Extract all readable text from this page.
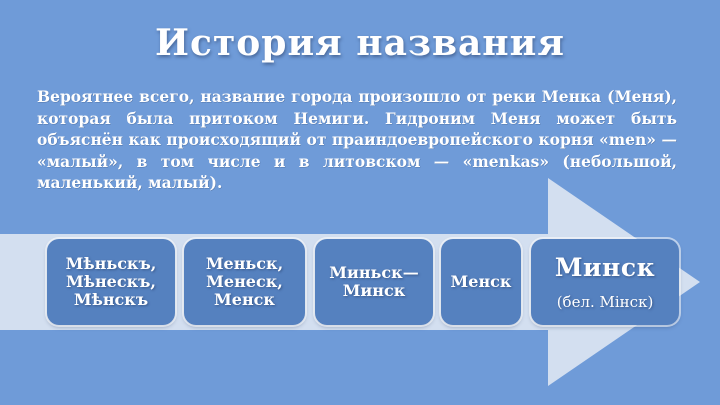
История названия
Вероятнее всего, название города произошло от реки Менка (Меня), которая была притоком Немиги. Гидроним Меня может быть объяснён как происходящий от праиндоевропейского корня «men» — «малый», в том числе и в литовском — «menkas» (небольшой, маленький, малый).
Мѣньскъ,
Мѣнескъ,
Мѣнскъ
Меньск,
Менеск,
Менск
Миньск—
Минск	Менск Минск
(бел. Мінск)
